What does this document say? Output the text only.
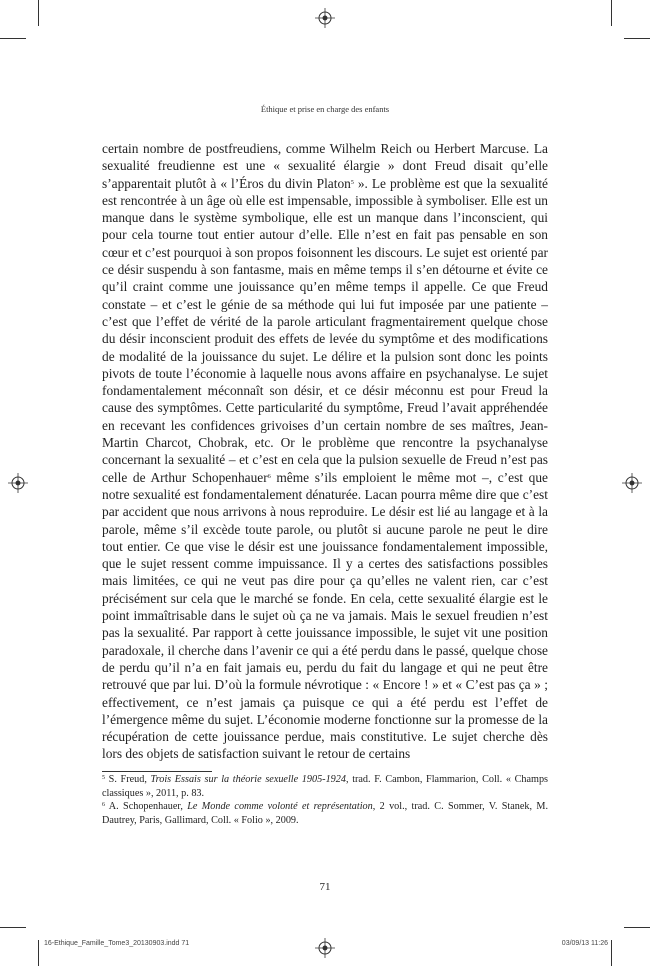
Éthique et prise en charge des enfants

certain nombre de postfreudiens, comme Wilhelm Reich ou Herbert Marcuse. La sexualité freudienne est une « sexualité élargie » dont Freud disait qu’elle s’apparentait plutôt à « l’Éros du divin Platon$^5$ ». Le problème est que la sexualité est rencontrée à un âge où elle est impensable, impossible à symboliser. Elle est un manque dans le système symbolique, elle est un manque dans l’inconscient, qui pour cela tourne tout entier autour d’elle. Elle n’est en fait pas pensable en son cœur et c’est pourquoi à son propos foisonnent les discours. Le sujet est orienté par ce désir suspendu à son fantasme, mais en même temps il s’en détourne et évite ce qu’il craint comme une jouissance qu’en même temps il appelle. Ce que Freud constate – et c’est le génie de sa méthode qui lui fut imposée par une patiente – c’est que l’effet de vérité de la parole articulant fragmentairement quelque chose du désir inconscient produit des effets de levée du symptôme et des modifications de modalité de la jouissance du sujet. Le délire et la pulsion sont donc les points pivots de toute l’économie à laquelle nous avons affaire en psychanalyse. Le sujet fondamentalement méconnaît son désir, et ce désir méconnu est pour Freud la cause des symptômes. Cette particularité du symptôme, Freud l’avait appréhendée en recevant les confidences grivoises d’un certain nombre de ses maîtres, Jean-Martin Charcot, Chobrak, etc. Or le problème que rencontre la psychanalyse concernant la sexualité – et c’est en cela que la pulsion sexuelle de Freud n’est pas celle de Arthur Schopenhauer$^6$ même s’ils emploient le même mot –, c’est que notre sexualité est fondamentalement dénaturée. Lacan pourra même dire que c’est par accident que nous arrivons à nous reproduire. Le désir est lié au langage et à la parole, même s’il excède toute parole, ou plutôt si aucune parole ne peut le dire tout entier. Ce que vise le désir est une jouissance fondamentalement impossible, que le sujet ressent comme impuissance. Il y a certes des satisfactions possibles mais limitées, ce qui ne veut pas dire pour ça qu’elles ne valent rien, car c’est précisément sur cela que le marché se fonde. En cela, cette sexualité élargie est le point immaîtrisable dans le sujet où ça ne va jamais. Mais le sexuel freudien n’est pas la sexualité. Par rapport à cette jouissance impossible, le sujet vit une position paradoxale, il cherche dans l’avenir ce qui a été perdu dans le passé, quelque chose de perdu qu’il n’a en fait jamais eu, perdu du fait du langage et qui ne peut être retrouvé que par lui. D’où la formule névrotique : « Encore ! » et « C’est pas ça » ; effectivement, ce n’est jamais ça puisque ce qui a été perdu est l’effet de l’émergence même du sujet. L’économie moderne fonctionne sur la promesse de la récupération de cette jouissance perdue, mais constitutive. Le sujet cherche dès lors des objets de satisfaction suivant le retour de certains

$^5$ S. Freud, Trois Essais sur la théorie sexuelle 1905-1924, trad. F. Cambon, Flammarion, Coll. « Champs classiques », 2011, p. 83.

$^6$ A. Schopenhauer, Le Monde comme volonté et représentation, 2 vol., trad. C. Sommer, V. Stanek, M. Dautrey, Paris, Gallimard, Coll. « Folio », 2009.

71
16-Ethique_Famille_Tome3_20130903.indd 71	03/09/13 11:26
